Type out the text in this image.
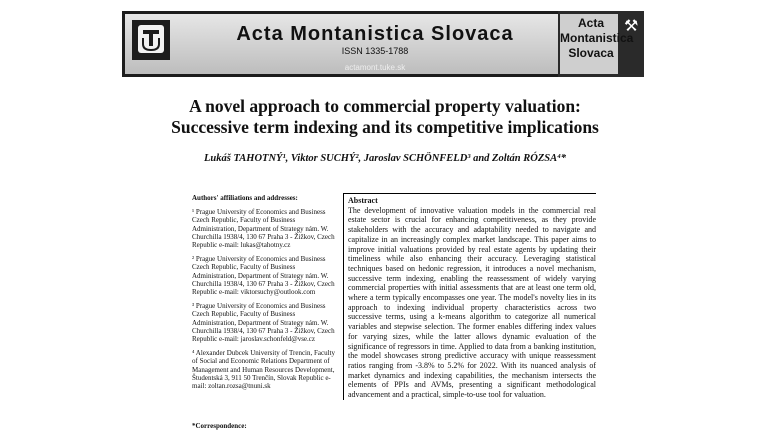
Acta Montanistica Slovaca
ISSN 1335-1788
actamont.tuke.sk
Acta
Montanistica
Slovaca
⚒
A novel approach to commercial property valuation:
Successive term indexing and its competitive implications
Lukáš TAHOTNÝ¹, Viktor SUCHÝ², Jaroslav SCHÖNFELD³ and Zoltán RÓZSA⁴*

Authors' affiliations and addresses:

¹ Prague University of Economics and Business Czech Republic, Faculty of Business Administration, Department of Strategy nám. W. Churchilla 1938/4, 130 67 Praha 3 - Žižkov, Czech Republic e-mail: lukas@tahotny.cz

² Prague University of Economics and Business Czech Republic, Faculty of Business Administration, Department of Strategy nám. W. Churchilla 1938/4, 130 67 Praha 3 - Žižkov, Czech Republic e-mail: viktorsuchy@outlook.com

³ Prague University of Economics and Business Czech Republic, Faculty of Business Administration, Department of Strategy nám. W. Churchilla 1938/4, 130 67 Praha 3 - Žižkov, Czech Republic e-mail: jaroslav.schonfeld@vse.cz

⁴ Alexander Dubcek University of Trencin, Faculty of Social and Economic Relations Department of Management and Human Resources Development, Študentská 3, 911 50 Trenčín, Slovak Republic e-mail: zoltan.rozsa@tnuni.sk

*Correspondence:
Abstract
The development of innovative valuation models in the commercial real estate sector is crucial for enhancing competitiveness, as they provide stakeholders with the accuracy and adaptability needed to navigate and capitalize in an increasingly complex market landscape. This paper aims to improve initial valuations provided by real estate agents by updating their timeliness while also enhancing their accuracy. Leveraging statistical techniques based on hedonic regression, it introduces a novel mechanism, successive term indexing, enabling the reassessment of widely varying commercial properties with initial assessments that are at least one term old, where a term typically encompasses one year. The model's novelty lies in its approach to indexing individual property characteristics across two successive terms, using a k-means algorithm to categorize all numerical variables and stepwise selection. The former enables differing index values for varying sizes, while the latter allows dynamic evaluation of the significance of regressors in time. Applied to data from a banking institution, the model showcases strong predictive accuracy with unique reassessment ratios ranging from -3.8% to 5.2% for 2022. With its nuanced analysis of market dynamics and indexing capabilities, the mechanism intersects the elements of PPIs and AVMs, presenting a significant methodological advancement and a practical, simple-to-use tool for valuation.
